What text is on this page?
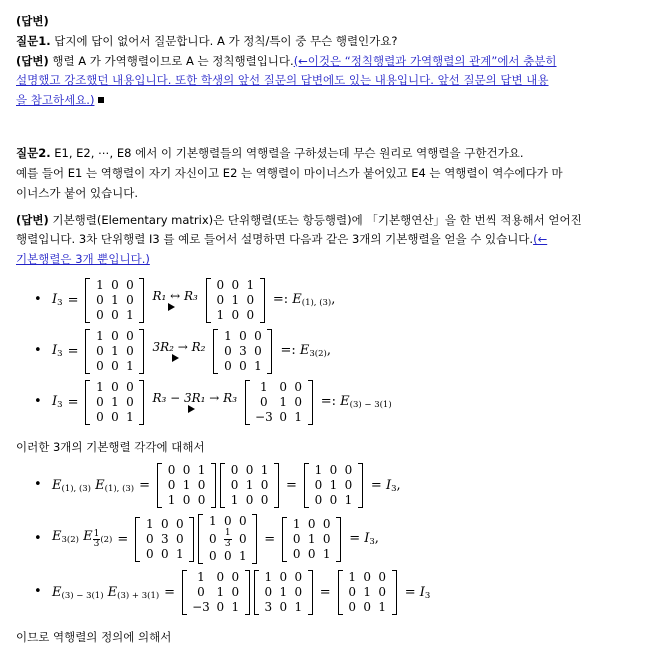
(답변)

질문1. 답지에 답이 없어서 질문합니다. A 가 정칙/특이 중 무슨 행렬인가요?

(답변) 행렬 A 가 가역행렬이므로 A 는 정칙행렬입니다.(←이것은 “정칙행렬과 가역행렬의 관계”에서 충분히

설명했고 강조했던 내용입니다. 또한 학생의 앞선 질문의 답변에도 있는 내용입니다. 앞선 질문의 답변 내용

을 참고하세요.)

질문2. E1, E2, ⋯, E8 에서 이 기본행렬들의 역행렬을 구하셨는데 무슨 원리로 역행렬을 구한건가요.

예를 들어 E1 는 역행렬이 자기 자신이고 E2 는 역행렬이 마이너스가 붙어있고 E4 는 역행렬이 역수에다가 마

이너스가 붙어 있습니다.

(답변) 기본행렬(Elementary matrix)은 단위행렬(또는 항등행렬)에 「기본행연산」을 한 번씩 적용해서 얻어진

행렬입니다. 3차 단위행렬 I3 를 예로 들어서 설명하면 다음과 같은 3개의 기본행렬을 얻을 수 있습니다.(←

기본행렬은 3개 뿐입니다.)

• $I_3$ =
1	0	0
0	1	0
0	0	1
R₁ ↔ R₃
0	0	1
0	1	0
1	0	0
=: $E_{(1), (3)}$,
• $I_3$ =
1	0	0
0	1	0
0	0	1
3R₂ → R₂
1	0	0
0	3	0
0	0	1
=: $E_{3(2)}$,
• $I_3$ =
1	0	0
0	1	0
0	0	1
R₃ − 3R₁ → R₃
1	0	0
0	1	0
−3	0	1
=: $E_{(3) - 3(1)}$

이러한 3개의 기본행렬 각각에 대해서

• $E_{(1), (3)}$ $E_{(1), (3)}$ =
0	0	1
0	1	0
1	0	0
0	0	1
0	1	0
1	0	0
=
1	0	0
0	1	0
0	0	1
= $I_3$,
• $E_{3(2)}$ E $_{\frac{1}{3} (2)}$ =
1	0	0
0	3	0
0	0	1
1	0	0
0	$\frac{1}{3}$	0
0	0	1
=
1	0	0
0	1	0
0	0	1
= $I_3$,
• $E_{(3) - 3(1)}$ $E_{(3) + 3(1)}$ =
1	0	0
0	1	0
−3	0	1
1	0	0
0	1	0
3	0	1
=
1	0	0
0	1	0
0	0	1
= $I_3$

이므로 역행렬의 정의에 의해서
